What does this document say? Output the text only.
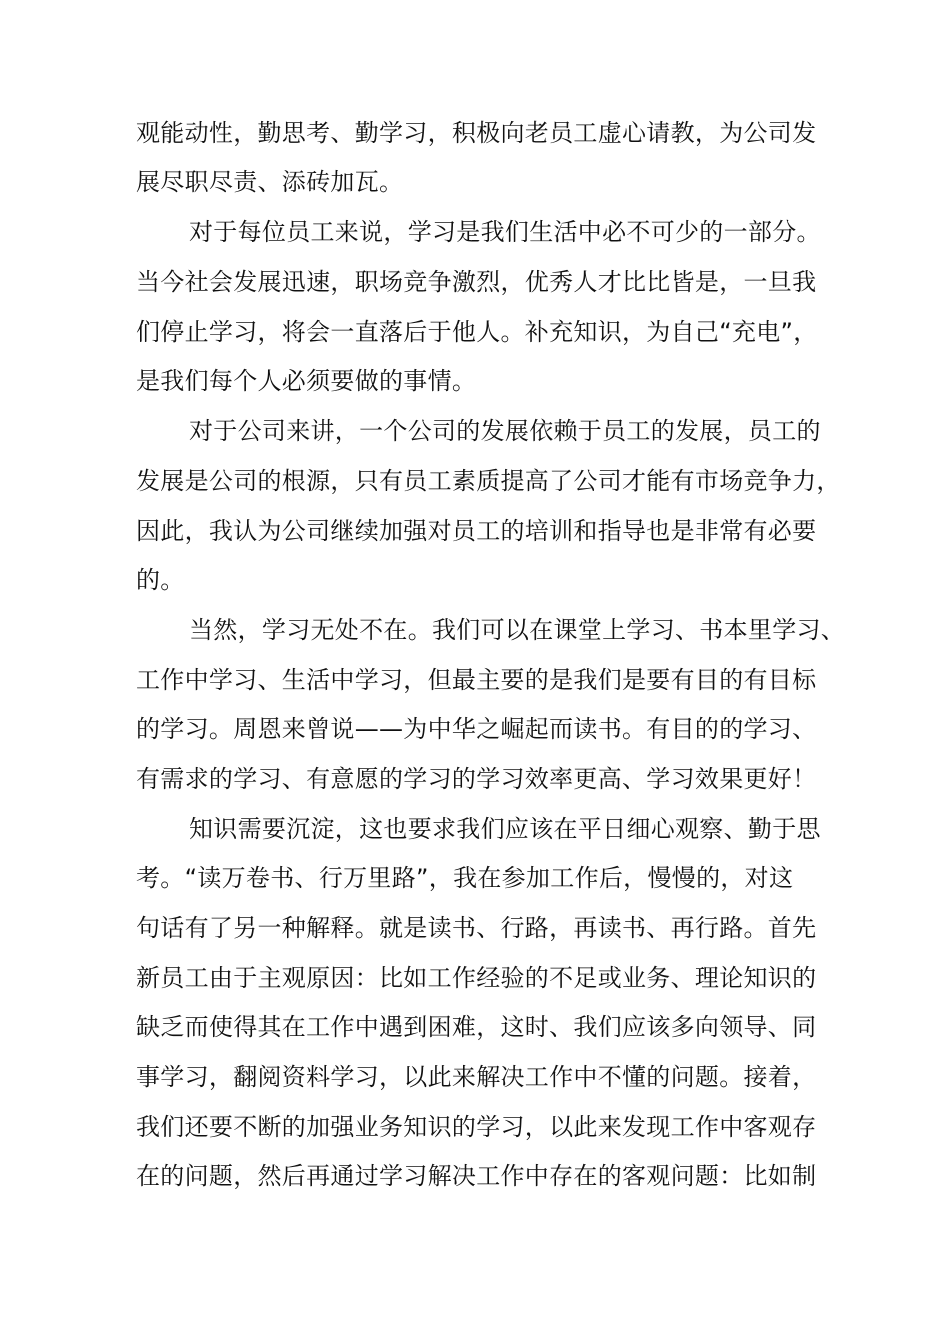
观能动性，勤思考、勤学习，积极向老员工虚心请教，为公司发
展尽职尽责、添砖加瓦。
对于每位员工来说，学习是我们生活中必不可少的一部分。
当今社会发展迅速，职场竞争激烈，优秀人才比比皆是，一旦我
们停止学习，将会一直落后于他人。补充知识，为自己“充电”，
是我们每个人必须要做的事情。
对于公司来讲，一个公司的发展依赖于员工的发展，员工的
发展是公司的根源，只有员工素质提高了公司才能有市场竞争力，
因此，我认为公司继续加强对员工的培训和指导也是非常有必要
的。
当然，学习无处不在。我们可以在课堂上学习、书本里学习、
工作中学习、生活中学习，但最主要的是我们是要有目的有目标
的学习。周恩来曾说——为中华之崛起而读书。有目的的学习、
有需求的学习、有意愿的学习的学习效率更高、学习效果更好！
知识需要沉淀，这也要求我们应该在平日细心观察、勤于思
考。“读万卷书、行万里路”，我在参加工作后，慢慢的，对这
句话有了另一种解释。就是读书、行路，再读书、再行路。首先
新员工由于主观原因：比如工作经验的不足或业务、理论知识的
缺乏而使得其在工作中遇到困难，这时、我们应该多向领导、同
事学习，翻阅资料学习，以此来解决工作中不懂的问题。接着，
我们还要不断的加强业务知识的学习，以此来发现工作中客观存
在的问题，然后再通过学习解决工作中存在的客观问题：比如制
